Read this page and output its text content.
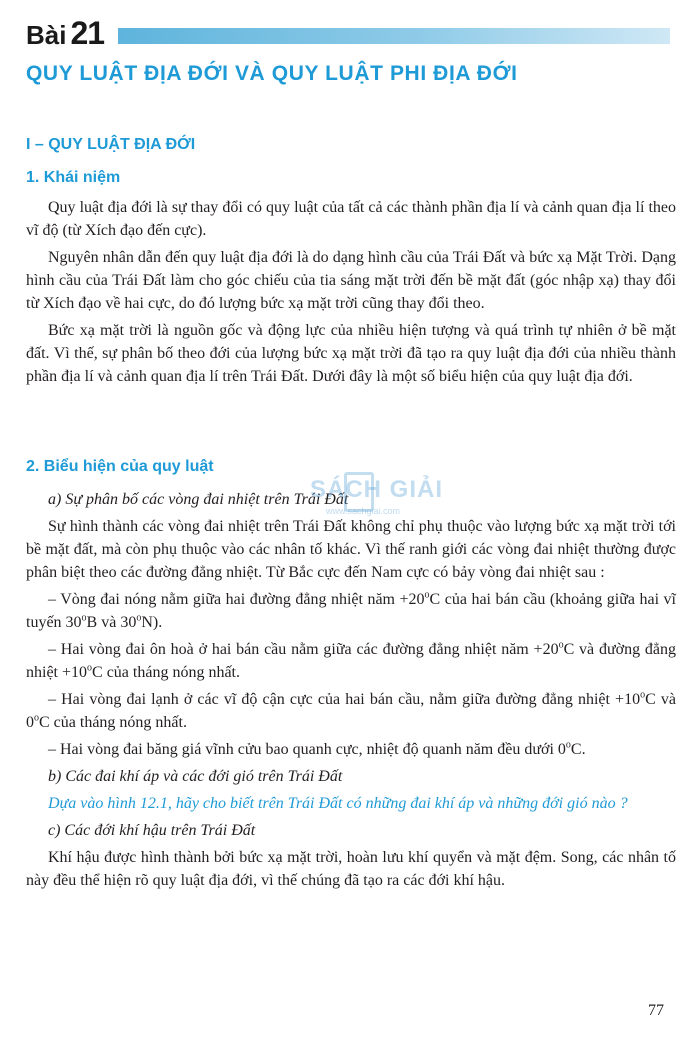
Bài 21
QUY LUẬT ĐỊA ĐỚI VÀ QUY LUẬT PHI ĐỊA ĐỚI
I – QUY LUẬT ĐỊA ĐỚI
1. Khái niệm

Quy luật địa đới là sự thay đổi có quy luật của tất cả các thành phần địa lí và cảnh quan địa lí theo vĩ độ (từ Xích đạo đến cực).

Nguyên nhân dẫn đến quy luật địa đới là do dạng hình cầu của Trái Đất và bức xạ Mặt Trời. Dạng hình cầu của Trái Đất làm cho góc chiếu của tia sáng mặt trời đến bề mặt đất (góc nhập xạ) thay đổi từ Xích đạo về hai cực, do đó lượng bức xạ mặt trời cũng thay đổi theo.

Bức xạ mặt trời là nguồn gốc và động lực của nhiều hiện tượng và quá trình tự nhiên ở bề mặt đất. Vì thế, sự phân bố theo đới của lượng bức xạ mặt trời đã tạo ra quy luật địa đới của nhiều thành phần địa lí và cảnh quan địa lí trên Trái Đất. Dưới đây là một số biểu hiện của quy luật địa đới.

2. Biểu hiện của quy luật

a) Sự phân bố các vòng đai nhiệt trên Trái Đất

Sự hình thành các vòng đai nhiệt trên Trái Đất không chỉ phụ thuộc vào lượng bức xạ mặt trời tới bề mặt đất, mà còn phụ thuộc vào các nhân tố khác. Vì thế ranh giới các vòng đai nhiệt thường được phân biệt theo các đường đẳng nhiệt. Từ Bắc cực đến Nam cực có bảy vòng đai nhiệt sau :

– Vòng đai nóng nằm giữa hai đường đẳng nhiệt năm $+20^oC$ của hai bán cầu (khoảng giữa hai vĩ tuyến 30$^o$B và 30$^o$N).

– Hai vòng đai ôn hoà ở hai bán cầu nằm giữa các đường đẳng nhiệt năm $+20^oC$ và đường đẳng nhiệt $+10^oC$ của tháng nóng nhất.

– Hai vòng đai lạnh ở các vĩ độ cận cực của hai bán cầu, nằm giữa đường đẳng nhiệt $+10^oC$ và 0$^o$C của tháng nóng nhất.

– Hai vòng đai băng giá vĩnh cửu bao quanh cực, nhiệt độ quanh năm đều dưới 0$^o$C.

b) Các đai khí áp và các đới gió trên Trái Đất

Dựa vào hình 12.1, hãy cho biết trên Trái Đất có những đai khí áp và những đới gió nào ?

c) Các đới khí hậu trên Trái Đất

Khí hậu được hình thành bởi bức xạ mặt trời, hoàn lưu khí quyển và mặt đệm. Song, các nhân tố này đều thể hiện rõ quy luật địa đới, vì thế chúng đã tạo ra các đới khí hậu.

SÁCH GIẢI
www.sachgiai.com
77
